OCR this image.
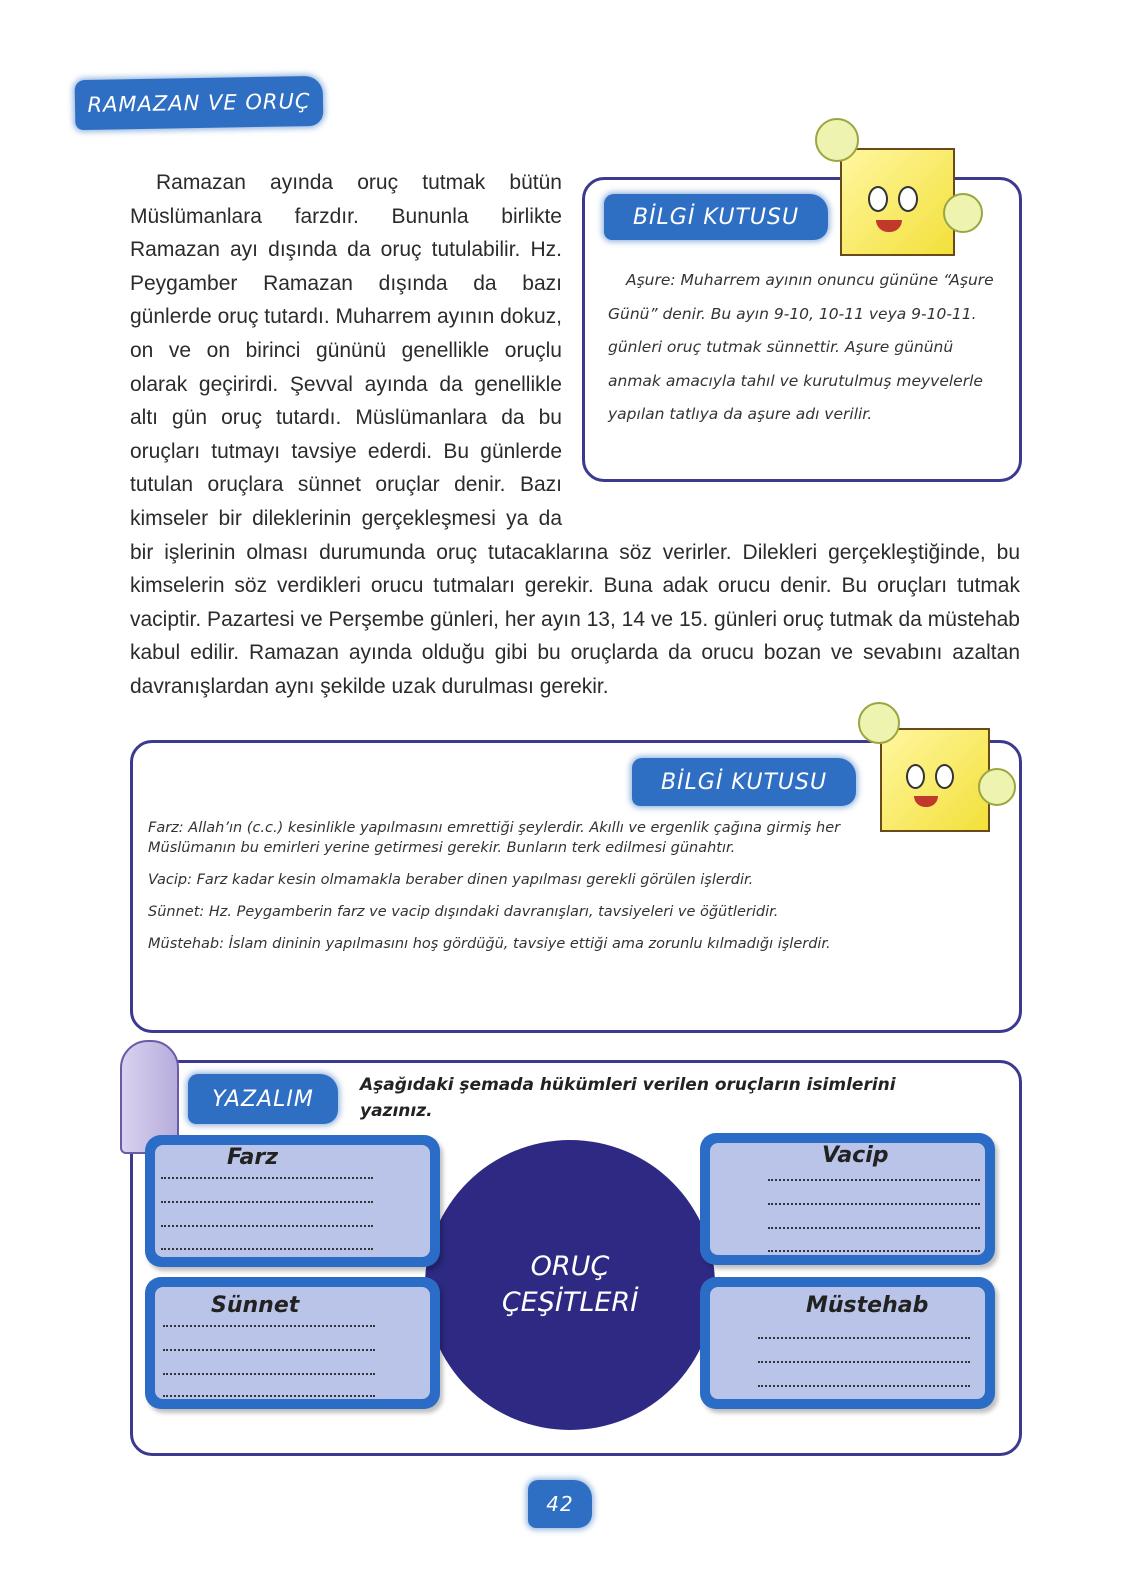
RAMAZAN VE ORUÇ
Ramazan ayında oruç tutmak bütün Müslümanlara farzdır. Bununla birlikte Ramazan ayı dışında da oruç tutulabilir. Hz. Peygamber Ramazan dışında da bazı günlerde oruç tutardı. Muharrem ayının dokuz, on ve on birinci gününü genellikle oruçlu olarak geçirirdi. Şevval ayında da genellikle altı gün oruç tutardı. Müslümanlara da bu oruçları tutmayı tavsiye ederdi. Bu günlerde tutulan oruçlara sünnet oruçlar denir. Bazı kimseler bir dileklerinin gerçekleşmesi ya da bir işlerinin olması durumunda oruç tutacaklarına söz verirler. Dilekleri gerçekleştiğinde, bu kimselerin söz verdikleri orucu tutmaları gerekir. Buna adak orucu denir. Bu oruçları tutmak vaciptir. Pazartesi ve Perşembe günleri, her ayın 13, 14 ve 15. günleri oruç tutmak da müstehab kabul edilir. Ramazan ayında olduğu gibi bu oruçlarda da orucu bozan ve sevabını azaltan davranışlardan aynı şekilde uzak durulması gerekir.
BİLGİ KUTUSU
Aşure: Muharrem ayının onuncu gününe “Aşure Günü” denir. Bu ayın 9-10, 10-11 veya 9-10-11. günleri oruç tutmak sünnettir. Aşure gününü anmak amacıyla tahıl ve kurutulmuş meyvelerle yapılan tatlıya da aşure adı verilir.
BİLGİ KUTUSU

Farz: Allah’ın (c.c.) kesinlikle yapılmasını emrettiği şeylerdir. Akıllı ve ergenlik çağına girmiş her Müslümanın bu emirleri yerine getirmesi gerekir. Bunların terk edilmesi günahtır.

Vacip: Farz kadar kesin olmamakla beraber dinen yapılması gerekli görülen işlerdir.

Sünnet: Hz. Peygamberin farz ve vacip dışındaki davranışları, tavsiyeleri ve öğütleridir.

Müstehab: İslam dininin yapılmasını hoş gördüğü, tavsiye ettiği ama zorunlu kılmadığı işlerdir.

YAZALIM
Aşağıdaki şemada hükümleri verilen oruçların isimlerini yazınız.
ORUÇ ÇEŞİTLERİ
Farz	Vacip
Sünnet	Müstehab
42
